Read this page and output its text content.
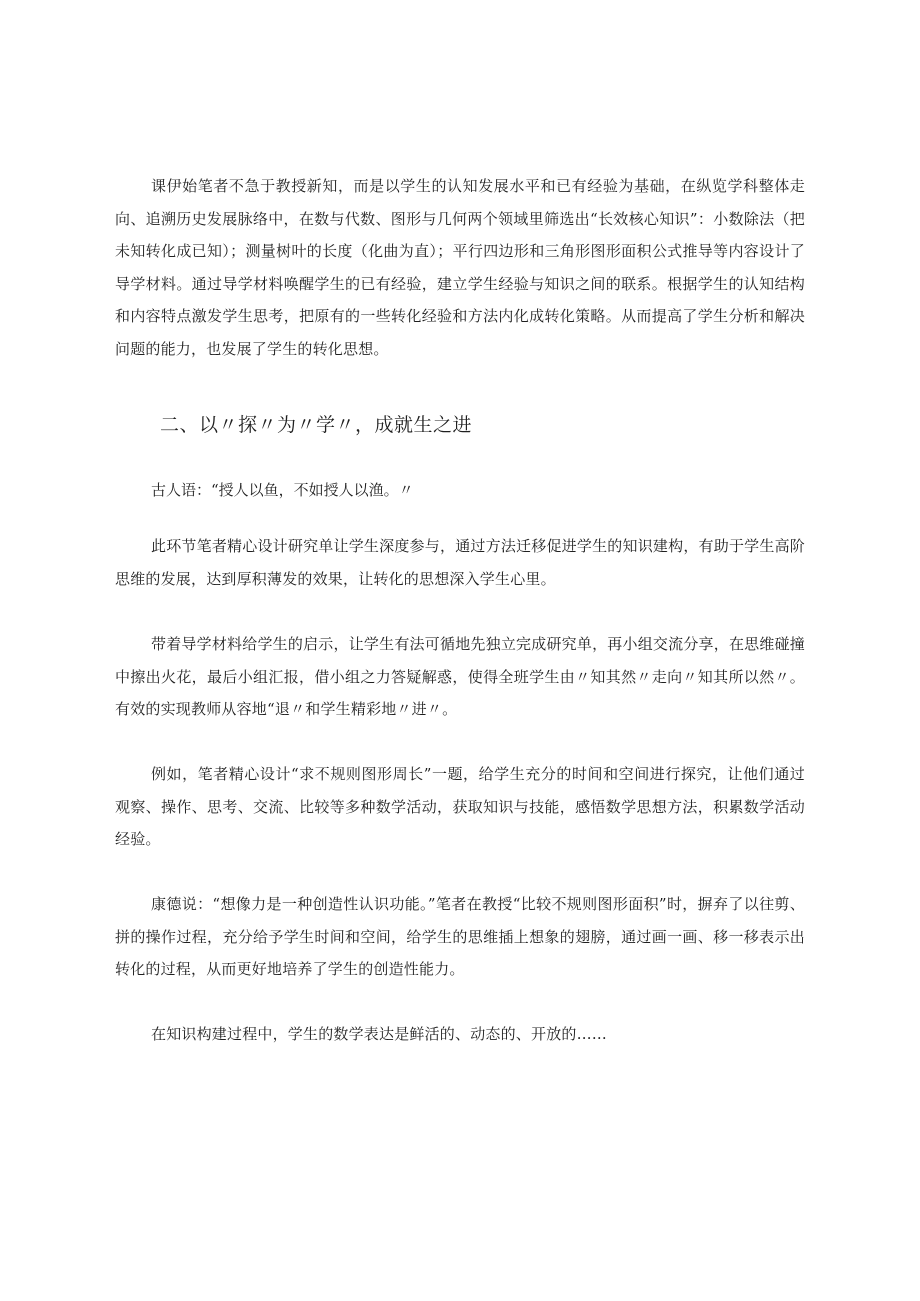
课伊始笔者不急于教授新知，而是以学生的认知发展水平和已有经验为基础，在纵览学科整体走向、追溯历史发展脉络中，在数与代数、图形与几何两个领域里筛选出“长效核心知识”：小数除法（把未知转化成已知）；测量树叶的长度（化曲为直）；平行四边形和三角形图形面积公式推导等内容设计了导学材料。通过导学材料唤醒学生的已有经验，建立学生经验与知识之间的联系。根据学生的认知结构和内容特点激发学生思考，把原有的一些转化经验和方法内化成转化策略。从而提高了学生分析和解决问题的能力，也发展了学生的转化思想。

二、以〃探〃为〃学〃，成就生之进

古人语：“授人以鱼，不如授人以渔。〃

此环节笔者精心设计研究单让学生深度参与，通过方法迁移促进学生的知识建构，有助于学生高阶思维的发展，达到厚积薄发的效果，让转化的思想深入学生心里。

带着导学材料给学生的启示，让学生有法可循地先独立完成研究单，再小组交流分享，在思维碰撞中擦出火花，最后小组汇报，借小组之力答疑解惑，使得全班学生由〃知其然〃走向〃知其所以然〃。有效的实现教师从容地“退〃和学生精彩地〃进〃。

例如，笔者精心设计“求不规则图形周长”一题，给学生充分的时间和空间进行探究，让他们通过观察、操作、思考、交流、比较等多种数学活动，获取知识与技能，感悟数学思想方法，积累数学活动经验。

康德说：“想像力是一种创造性认识功能。”笔者在教授“比较不规则图形面积”时，摒弃了以往剪、拼的操作过程，充分给予学生时间和空间，给学生的思维插上想象的翅膀，通过画一画、移一移表示出转化的过程，从而更好地培养了学生的创造性能力。

在知识构建过程中，学生的数学表达是鲜活的、动态的、开放的……
